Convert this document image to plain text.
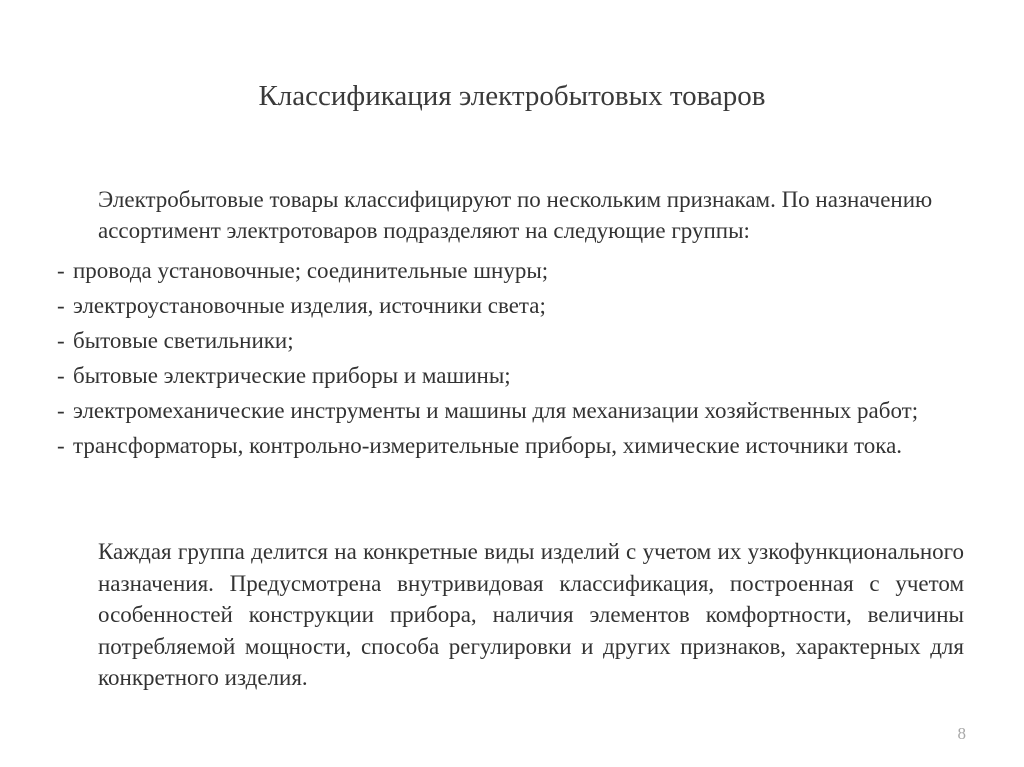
Классификация электробытовых товаров
Электробытовые товары классифицируют по нескольким признакам. По назначению ассортимент электротоваров подразделяют на следующие группы:
- провода установочные; соединительные шнуры;
- электроустановочные изделия, источники света;
- бытовые светильники;
- бытовые электрические приборы и машины;
- электромеханические инструменты и машины для механизации хозяйственных работ;
- трансформаторы, контрольно-измерительные приборы, химические источники тока.
Каждая группа делится на конкретные виды изделий с учетом их узкофункционального назначения. Предусмотрена внутривидовая классификация, построенная с учетом особенностей конструкции прибора, наличия элементов комфортности, величины потребляемой мощности, способа регулировки и других признаков, характерных для конкретного изделия.
8
